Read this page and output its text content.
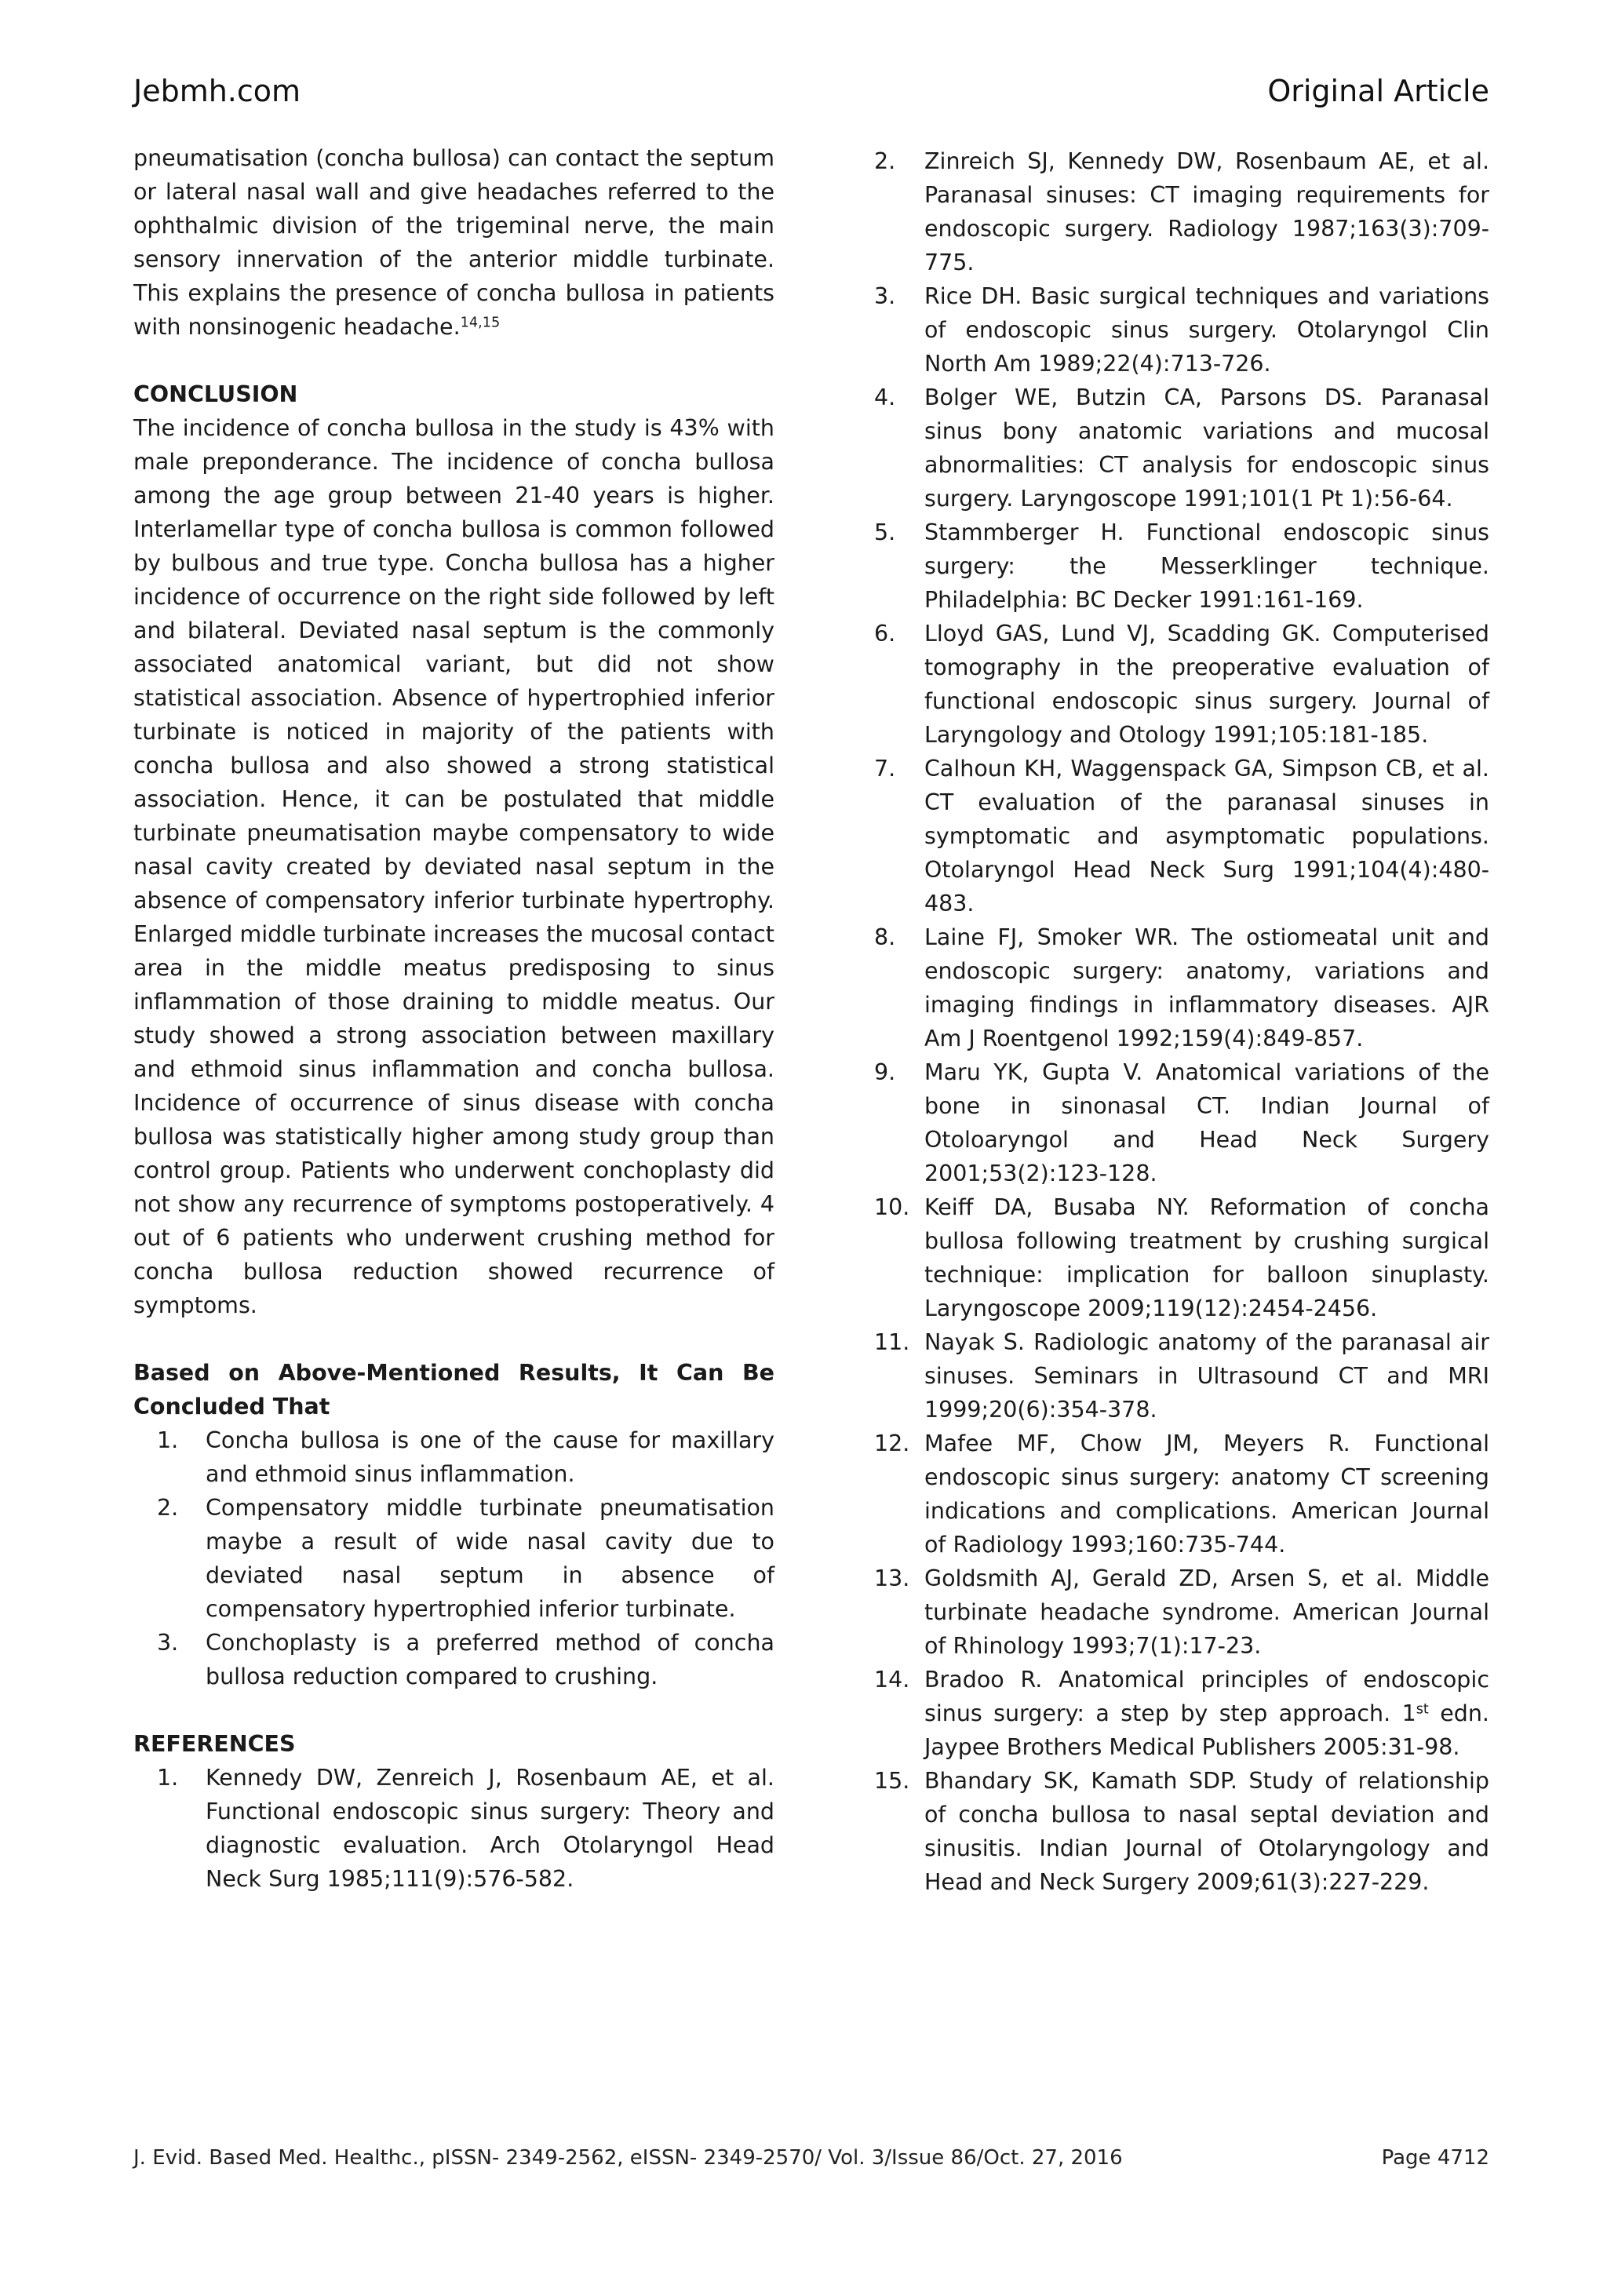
Jebmh.com	Original Article

pneumatisation (concha bullosa) can contact the septum or lateral nasal wall and give headaches referred to the ophthalmic division of the trigeminal nerve, the main sensory innervation of the anterior middle turbinate. This explains the presence of concha bullosa in patients with nonsinogenic headache.$^{14,15}$

CONCLUSION

The incidence of concha bullosa in the study is 43% with male preponderance. The incidence of concha bullosa among the age group between 21-40 years is higher. Interlamellar type of concha bullosa is common followed by bulbous and true type. Concha bullosa has a higher incidence of occurrence on the right side followed by left and bilateral. Deviated nasal septum is the commonly associated anatomical variant, but did not show statistical association. Absence of hypertrophied inferior turbinate is noticed in majority of the patients with concha bullosa and also showed a strong statistical association. Hence, it can be postulated that middle turbinate pneumatisation maybe compensatory to wide nasal cavity created by deviated nasal septum in the absence of compensatory inferior turbinate hypertrophy. Enlarged middle turbinate increases the mucosal contact area in the middle meatus predisposing to sinus inflammation of those draining to middle meatus. Our study showed a strong association between maxillary and ethmoid sinus inflammation and concha bullosa. Incidence of occurrence of sinus disease with concha bullosa was statistically higher among study group than control group. Patients who underwent conchoplasty did not show any recurrence of symptoms postoperatively. 4 out of 6 patients who underwent crushing method for concha bullosa reduction showed recurrence of symptoms.

Based on Above-Mentioned Results, It Can Be Concluded That

1. Concha bullosa is one of the cause for maxillary and ethmoid sinus inflammation.
2. Compensatory middle turbinate pneumatisation maybe a result of wide nasal cavity due to deviated nasal septum in absence of compensatory hypertrophied inferior turbinate.
3. Conchoplasty is a preferred method of concha bullosa reduction compared to crushing.

REFERENCES

1. Kennedy DW, Zenreich J, Rosenbaum AE, et al. Functional endoscopic sinus surgery: Theory and diagnostic evaluation. Arch Otolaryngol Head Neck Surg 1985;111(9):576-582.
2.	Zinreich SJ, Kennedy DW, Rosenbaum AE, et al. Paranasal sinuses: CT imaging requirements for endoscopic surgery. Radiology 1987;163(3):709-775.
3.	Rice DH. Basic surgical techniques and variations of endoscopic sinus surgery. Otolaryngol Clin North Am 1989;22(4):713-726.
4.	Bolger WE, Butzin CA, Parsons DS. Paranasal sinus bony anatomic variations and mucosal abnormalities: CT analysis for endoscopic sinus surgery. Laryngoscope 1991;101(1 Pt 1):56-64.
5.	Stammberger H. Functional endoscopic sinus surgery: the Messerklinger technique. Philadelphia: BC Decker 1991:161-169.
6.	Lloyd GAS, Lund VJ, Scadding GK. Computerised tomography in the preoperative evaluation of functional endoscopic sinus surgery. Journal of Laryngology and Otology 1991;105:181-185.
7.	Calhoun KH, Waggenspack GA, Simpson CB, et al. CT evaluation of the paranasal sinuses in symptomatic and asymptomatic populations. Otolaryngol Head Neck Surg 1991;104(4):480-483.
8.	Laine FJ, Smoker WR. The ostiomeatal unit and endoscopic surgery: anatomy, variations and imaging findings in inflammatory diseases. AJR Am J Roentgenol 1992;159(4):849-857.
9.	Maru YK, Gupta V. Anatomical variations of the bone in sinonasal CT. Indian Journal of Otoloaryngol and Head Neck Surgery 2001;53(2):123-128.
10. Keiff DA, Busaba NY. Reformation of concha bullosa following treatment by crushing surgical technique: implication for balloon sinuplasty. Laryngoscope 2009;119(12):2454-2456.
11. Nayak S. Radiologic anatomy of the paranasal air sinuses. Seminars in Ultrasound CT and MRI 1999;20(6):354-378.
12. Mafee MF, Chow JM, Meyers R. Functional endoscopic sinus surgery: anatomy CT screening indications and complications. American Journal of Radiology 1993;160:735-744.
13. Goldsmith AJ, Gerald ZD, Arsen S, et al. Middle turbinate headache syndrome. American Journal of Rhinology 1993;7(1):17-23.
14. Bradoo R. Anatomical principles of endoscopic sinus surgery: a step by step approach. 1st edn. Jaypee Brothers Medical Publishers 2005:31-98.
15. Bhandary SK, Kamath SDP. Study of relationship of concha bullosa to nasal septal deviation and sinusitis. Indian Journal of Otolaryngology and Head and Neck Surgery 2009;61(3):227-229.
J. Evid. Based Med. Healthc., pISSN- 2349-2562, eISSN- 2349-2570/ Vol. 3/Issue 86/Oct. 27, 2016	Page 4712
